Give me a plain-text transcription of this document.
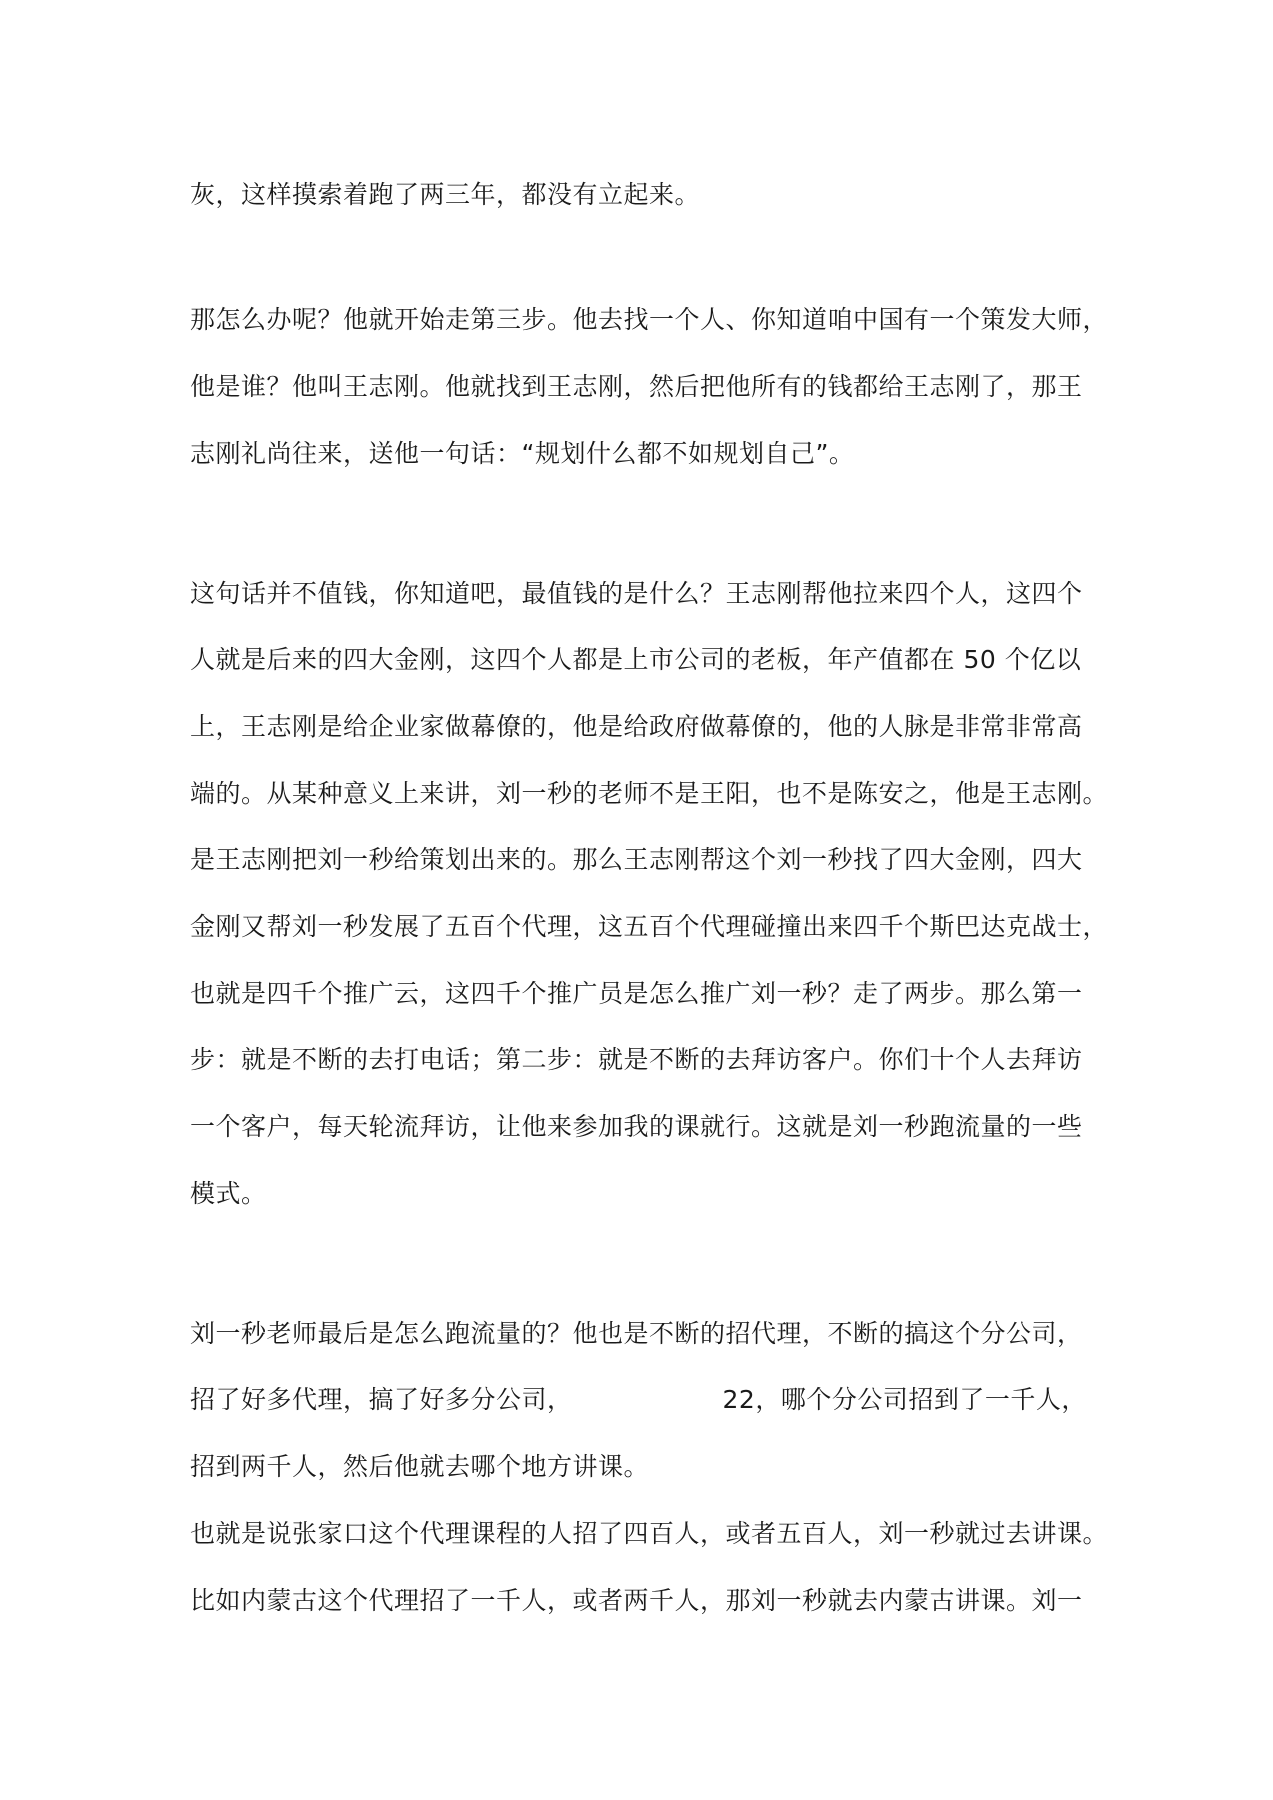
灰，这样摸索着跑了两三年，都没有立起来。
那怎么办呢？他就开始走第三步。他去找一个人、你知道咱中国有一个策发大师，
他是谁？他叫王志刚。他就找到王志刚，然后把他所有的钱都给王志刚了，那王
志刚礼尚往来，送他一句话：“规划什么都不如规划自己”。
这句话并不值钱，你知道吧，最值钱的是什么？王志刚帮他拉来四个人，这四个
人就是后来的四大金刚，这四个人都是上市公司的老板，年产值都在 50 个亿以
上，王志刚是给企业家做幕僚的，他是给政府做幕僚的，他的人脉是非常非常高
端的。从某种意义上来讲，刘一秒的老师不是王阳，也不是陈安之，他是王志刚。
是王志刚把刘一秒给策划出来的。那么王志刚帮这个刘一秒找了四大金刚，四大
金刚又帮刘一秒发展了五百个代理，这五百个代理碰撞出来四千个斯巴达克战士，
也就是四千个推广云，这四千个推广员是怎么推广刘一秒？走了两步。那么第一
步：就是不断的去打电话；第二步：就是不断的去拜访客户。你们十个人去拜访
一个客户，每天轮流拜访，让他来参加我的课就行。这就是刘一秒跑流量的一些
模式。
刘一秒老师最后是怎么跑流量的？他也是不断的招代理，不断的搞这个分公司，
招了好多代理，搞了好多分公司，	22，哪个分公司招到了一千人，
招到两千人，然后他就去哪个地方讲课。
也就是说张家口这个代理课程的人招了四百人，或者五百人，刘一秒就过去讲课。
比如内蒙古这个代理招了一千人，或者两千人，那刘一秒就去内蒙古讲课。刘一
